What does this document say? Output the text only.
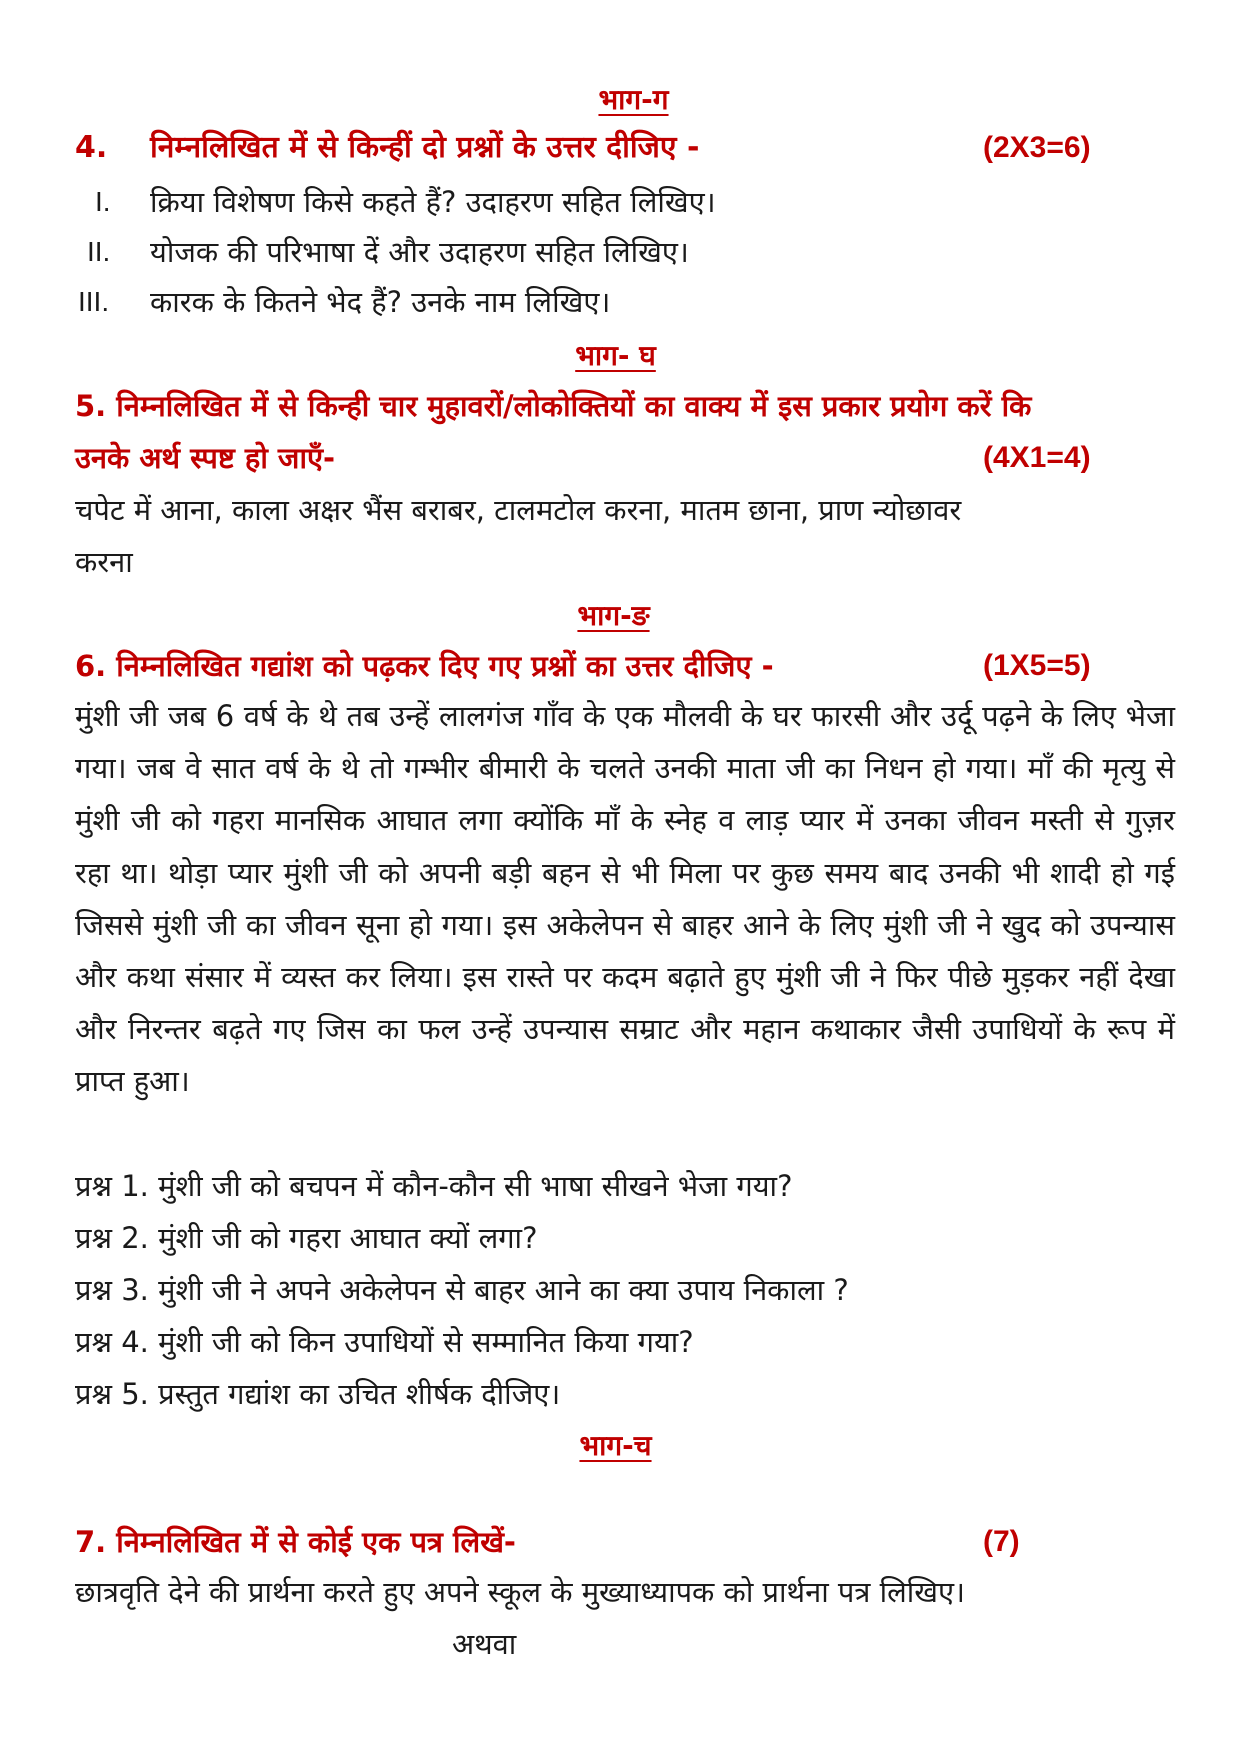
भाग-ग
4. निम्नलिखित में से किन्हीं दो प्रश्नों के उत्तर दीजिए -	(2X3=6)
I. क्रिया विशेषण किसे कहते हैं? उदाहरण सहित लिखिए।
II. योजक की परिभाषा दें और उदाहरण सहित लिखिए।
III. कारक के कितने भेद हैं? उनके नाम लिखिए।
भाग- घ
5. निम्नलिखित में से किन्ही चार मुहावरों/लोकोक्तियों का वाक्य में इस प्रकार प्रयोग करें कि
उनके अर्थ स्पष्ट हो जाएँ-	(4X1=4)
चपेट में आना, काला अक्षर भैंस बराबर, टालमटोल करना, मातम छाना, प्राण न्योछावर
करना
भाग-ङ
6. निम्नलिखित गद्यांश को पढ़कर दिए गए प्रश्नों का उत्तर दीजिए -	(1X5=5)
मुंशी जी जब 6 वर्ष के थे तब उन्हें लालगंज गाँव के एक मौलवी के घर फारसी और उर्दू पढ़ने के लिए भेजा गया। जब वे सात वर्ष के थे तो गम्भीर बीमारी के चलते उनकी माता जी का निधन हो गया। माँ की मृत्यु से मुंशी जी को गहरा मानसिक आघात लगा क्योंकि माँ के स्नेह व लाड़ प्यार में उनका जीवन मस्ती से गुज़र रहा था। थोड़ा प्यार मुंशी जी को अपनी बड़ी बहन से भी मिला पर कुछ समय बाद उनकी भी शादी हो गई जिससे मुंशी जी का जीवन सूना हो गया। इस अकेलेपन से बाहर आने के लिए मुंशी जी ने खुद को उपन्यास और कथा संसार में व्यस्त कर लिया। इस रास्ते पर कदम बढ़ाते हुए मुंशी जी ने फिर पीछे मुड़कर नहीं देखा और निरन्तर बढ़ते गए जिस का फल उन्हें उपन्यास सम्राट और महान कथाकार जैसी उपाधियों के रूप में प्राप्त हुआ।
प्रश्न 1. मुंशी जी को बचपन में कौन-कौन सी भाषा सीखने भेजा गया?
प्रश्न 2. मुंशी जी को गहरा आघात क्यों लगा?
प्रश्न 3. मुंशी जी ने अपने अकेलेपन से बाहर आने का क्या उपाय निकाला ?
प्रश्न 4. मुंशी जी को किन उपाधियों से सम्मानित किया गया?
प्रश्न 5. प्रस्तुत गद्यांश का उचित शीर्षक दीजिए।
भाग-च
7. निम्नलिखित में से कोई एक पत्र लिखें-	(7)
छात्रवृति देने की प्रार्थना करते हुए अपने स्कूल के मुख्याध्यापक को प्रार्थना पत्र लिखिए।
अथवा
